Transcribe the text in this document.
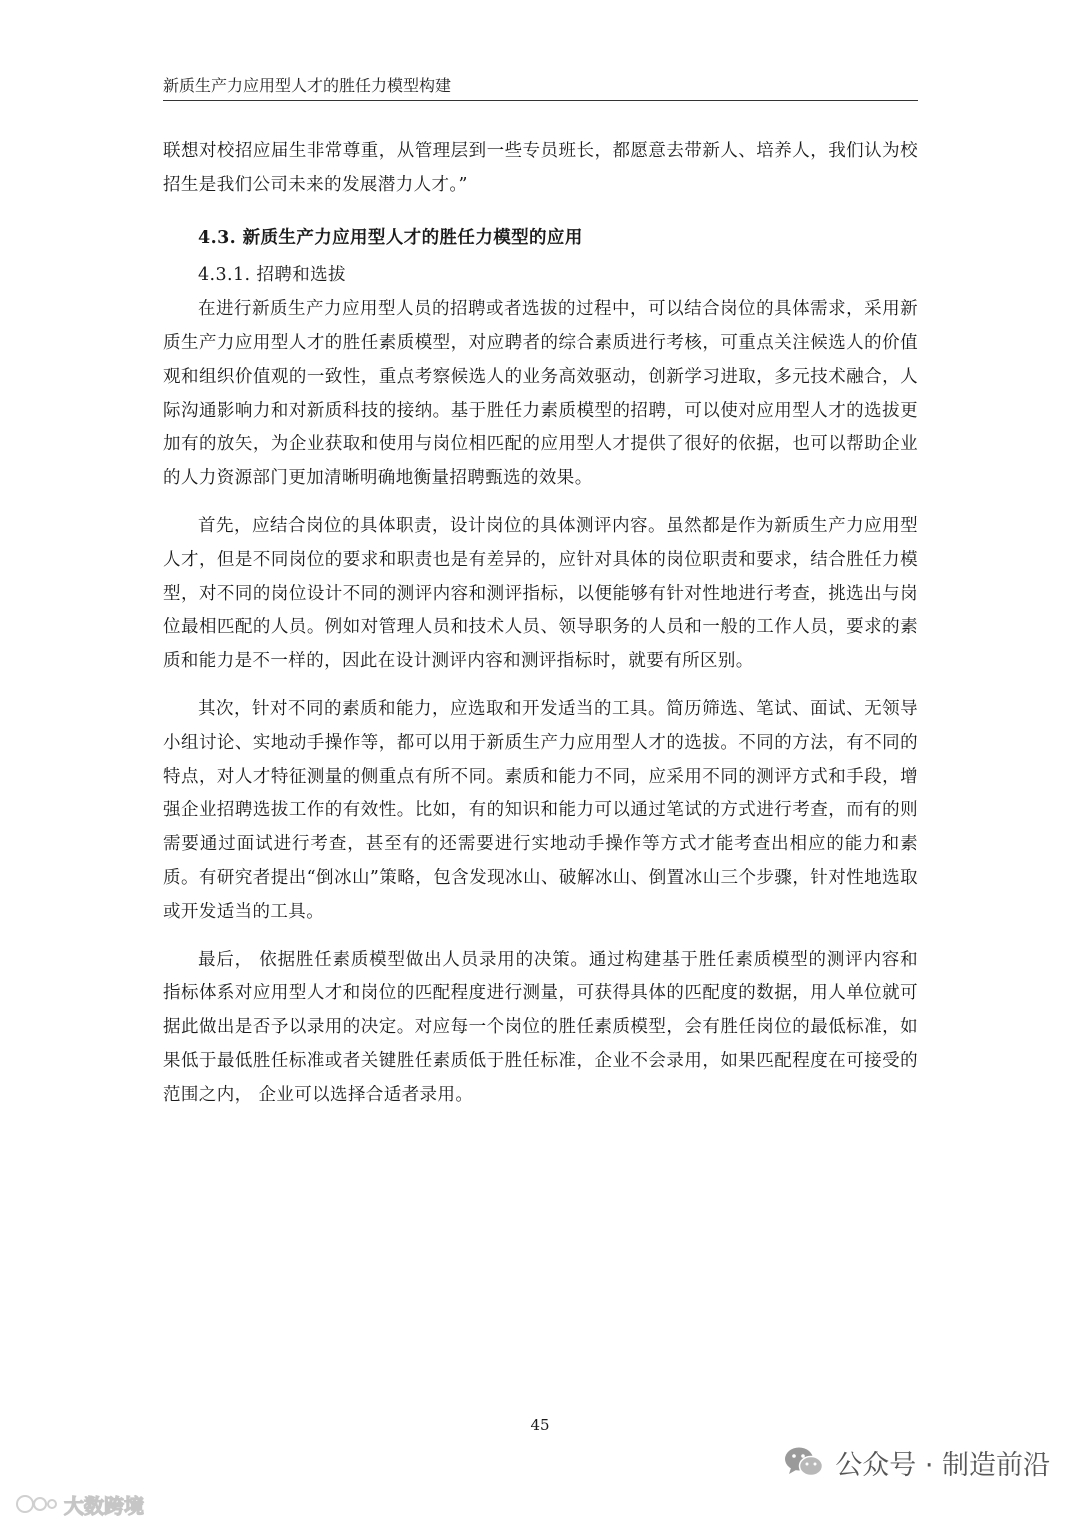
新质生产力应用型人才的胜任力模型构建

联想对校招应届生非常尊重，从管理层到一些专员班长，都愿意去带新人、培养人，我们认为校招生是我们公司未来的发展潜力人才。”

4.3. 新质生产力应用型人才的胜任力模型的应用

4.3.1. 招聘和选拔

在进行新质生产力应用型人员的招聘或者选拔的过程中，可以结合岗位的具体需求，采用新质生产力应用型人才的胜任素质模型，对应聘者的综合素质进行考核，可重点关注候选人的价值观和组织价值观的一致性，重点考察候选人的业务高效驱动，创新学习进取，多元技术融合，人际沟通影响力和对新质科技的接纳。基于胜任力素质模型的招聘，可以使对应用型人才的选拔更加有的放矢，为企业获取和使用与岗位相匹配的应用型人才提供了很好的依据，也可以帮助企业的人力资源部门更加清晰明确地衡量招聘甄选的效果。

首先，应结合岗位的具体职责，设计岗位的具体测评内容。虽然都是作为新质生产力应用型人才，但是不同岗位的要求和职责也是有差异的，应针对具体的岗位职责和要求，结合胜任力模型，对不同的岗位设计不同的测评内容和测评指标，以便能够有针对性地进行考查，挑选出与岗位最相匹配的人员。例如对管理人员和技术人员、领导职务的人员和一般的工作人员，要求的素质和能力是不一样的，因此在设计测评内容和测评指标时，就要有所区别。

其次，针对不同的素质和能力，应选取和开发适当的工具。简历筛选、笔试、面试、无领导小组讨论、实地动手操作等，都可以用于新质生产力应用型人才的选拔。不同的方法，有不同的特点，对人才特征测量的侧重点有所不同。素质和能力不同，应采用不同的测评方式和手段，增强企业招聘选拔工作的有效性。比如，有的知识和能力可以通过笔试的方式进行考查，而有的则需要通过面试进行考查，甚至有的还需要进行实地动手操作等方式才能考查出相应的能力和素质。有研究者提出“倒冰山”策略，包含发现冰山、破解冰山、倒置冰山三个步骤，针对性地选取或开发适当的工具。

最后， 依据胜任素质模型做出人员录用的决策。通过构建基于胜任素质模型的测评内容和指标体系对应用型人才和岗位的匹配程度进行测量，可获得具体的匹配度的数据，用人单位就可据此做出是否予以录用的决定。对应每一个岗位的胜任素质模型，会有胜任岗位的最低标准，如果低于最低胜任标准或者关键胜任素质低于胜任标准，企业不会录用，如果匹配程度在可接受的范围之内， 企业可以选择合适者录用。

45
大数跨境
公众号 · 制造前沿
